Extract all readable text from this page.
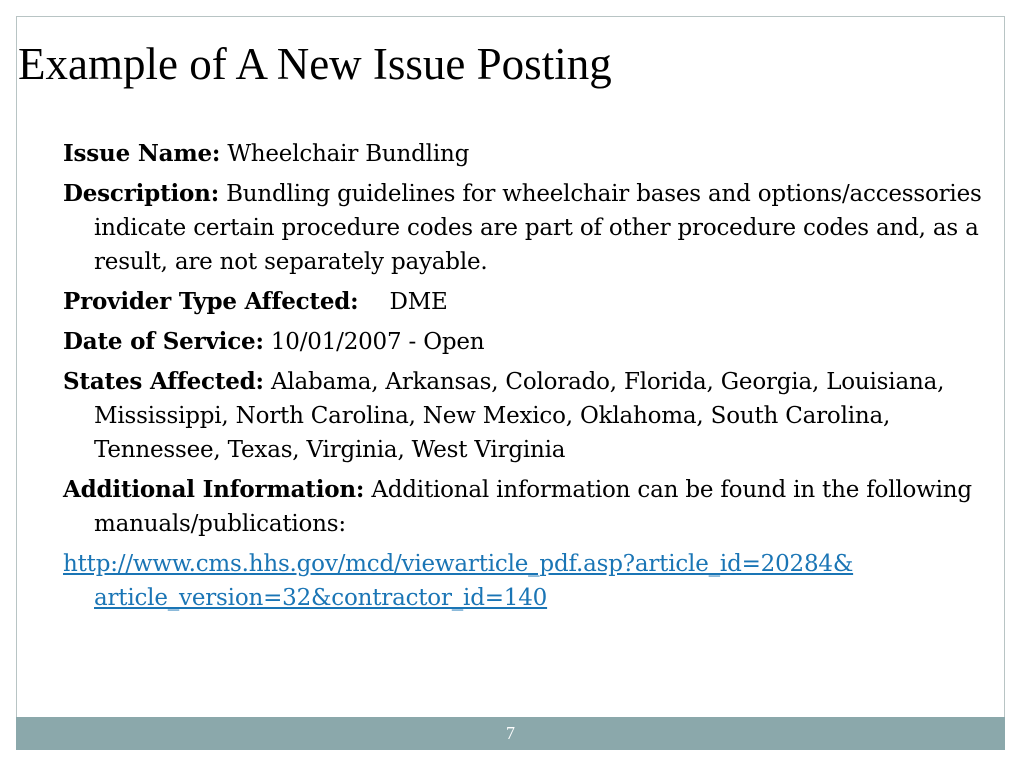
Example of A New Issue Posting

Issue Name: Wheelchair Bundling

Description: Bundling guidelines for wheelchair bases and options/accessories indicate certain procedure codes are part of other procedure codes and, as a result, are not separately payable.

Provider Type Affected: DME

Date of Service: 10/01/2007 - Open

States Affected: Alabama, Arkansas, Colorado, Florida, Georgia, Louisiana, Mississippi, North Carolina, New Mexico, Oklahoma, South Carolina, Tennessee, Texas, Virginia, West Virginia

Additional Information: Additional information can be found in the following manuals/publications:

http://www.cms.hhs.gov/mcd/viewarticle_pdf.asp?article_id=20284&
article_version=32&contractor_id=140

7
